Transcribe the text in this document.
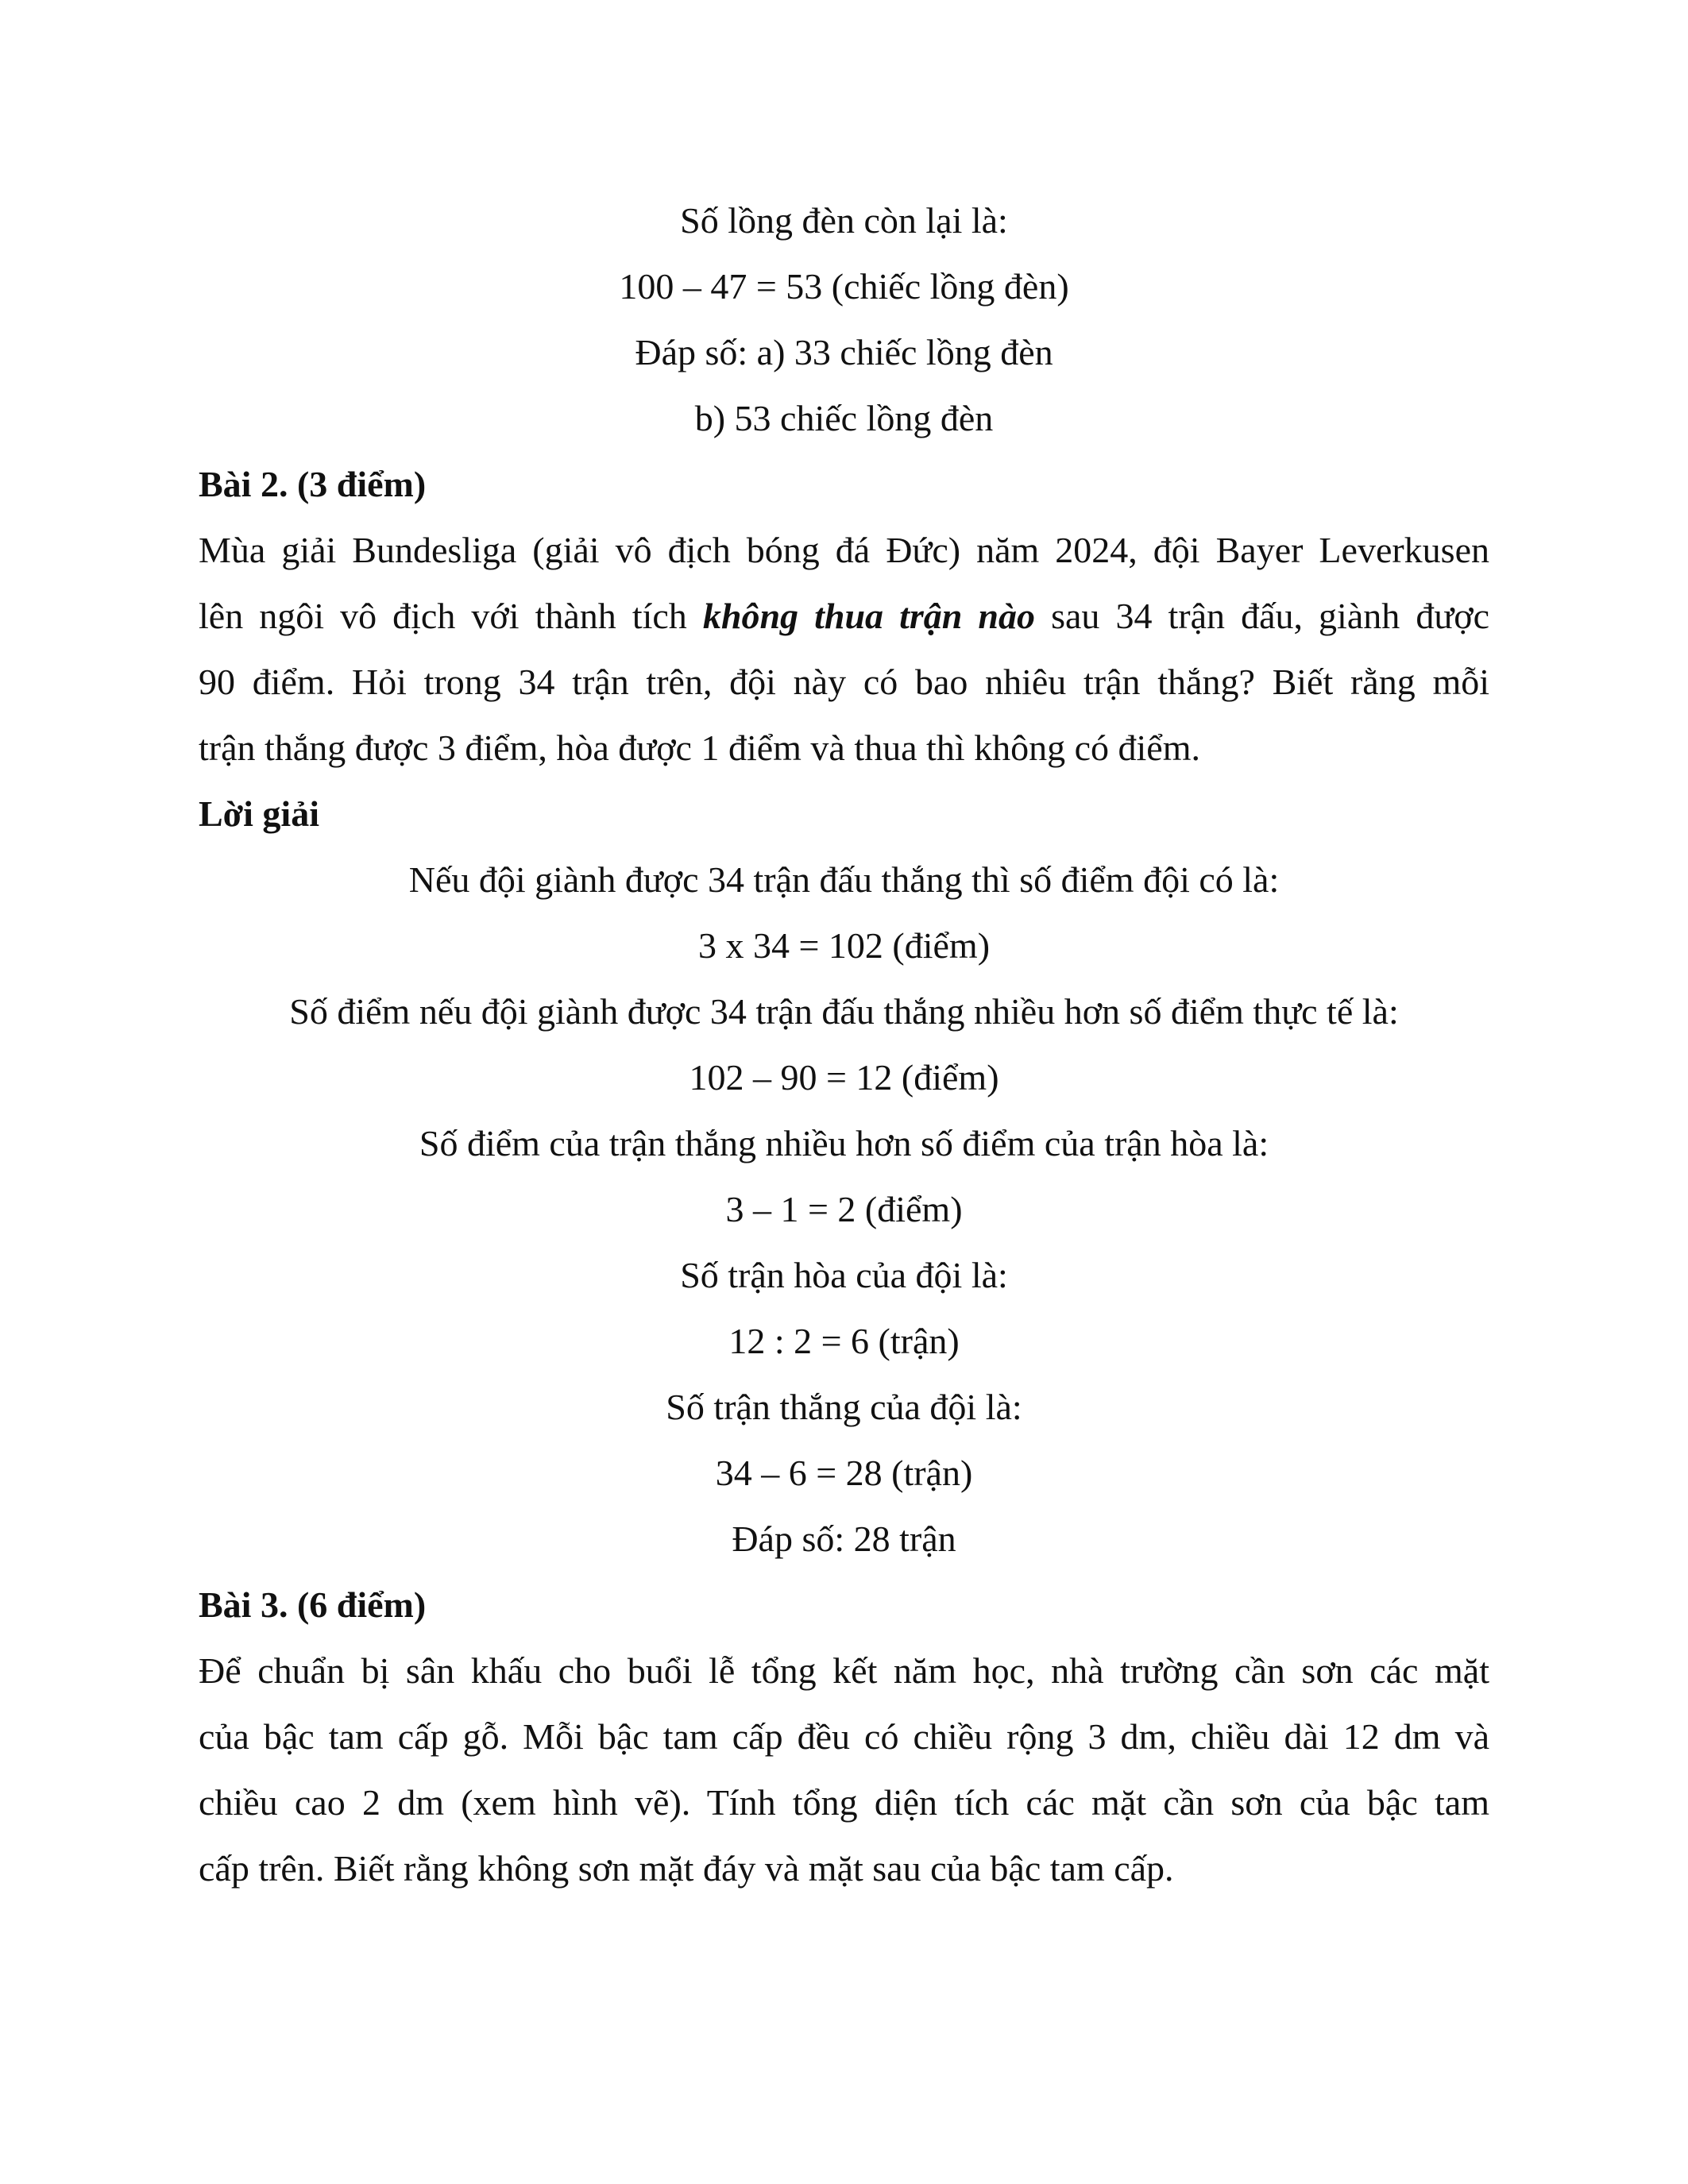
Số lồng đèn còn lại là:
100 – 47 = 53 (chiếc lồng đèn)
Đáp số: a) 33 chiếc lồng đèn
b) 53 chiếc lồng đèn
Bài 2. (3 điểm)
Mùa giải Bundesliga (giải vô địch bóng đá Đức) năm 2024, đội Bayer Leverkusen
lên ngôi vô địch với thành tích không thua trận nào sau 34 trận đấu, giành được
90 điểm. Hỏi trong 34 trận trên, đội này có bao nhiêu trận thắng? Biết rằng mỗi
trận thắng được 3 điểm, hòa được 1 điểm và thua thì không có điểm.
Lời giải
Nếu đội giành được 34 trận đấu thắng thì số điểm đội có là:
3 x 34 = 102 (điểm)
Số điểm nếu đội giành được 34 trận đấu thắng nhiều hơn số điểm thực tế là:
102 – 90 = 12 (điểm)
Số điểm của trận thắng nhiều hơn số điểm của trận hòa là:
3 – 1 = 2 (điểm)
Số trận hòa của đội là:
12 : 2 = 6 (trận)
Số trận thắng của đội là:
34 – 6 = 28 (trận)
Đáp số: 28 trận
Bài 3. (6 điểm)
Để chuẩn bị sân khấu cho buổi lễ tổng kết năm học, nhà trường cần sơn các mặt
của bậc tam cấp gỗ. Mỗi bậc tam cấp đều có chiều rộng 3 dm, chiều dài 12 dm và
chiều cao 2 dm (xem hình vẽ). Tính tổng diện tích các mặt cần sơn của bậc tam
cấp trên. Biết rằng không sơn mặt đáy và mặt sau của bậc tam cấp.
